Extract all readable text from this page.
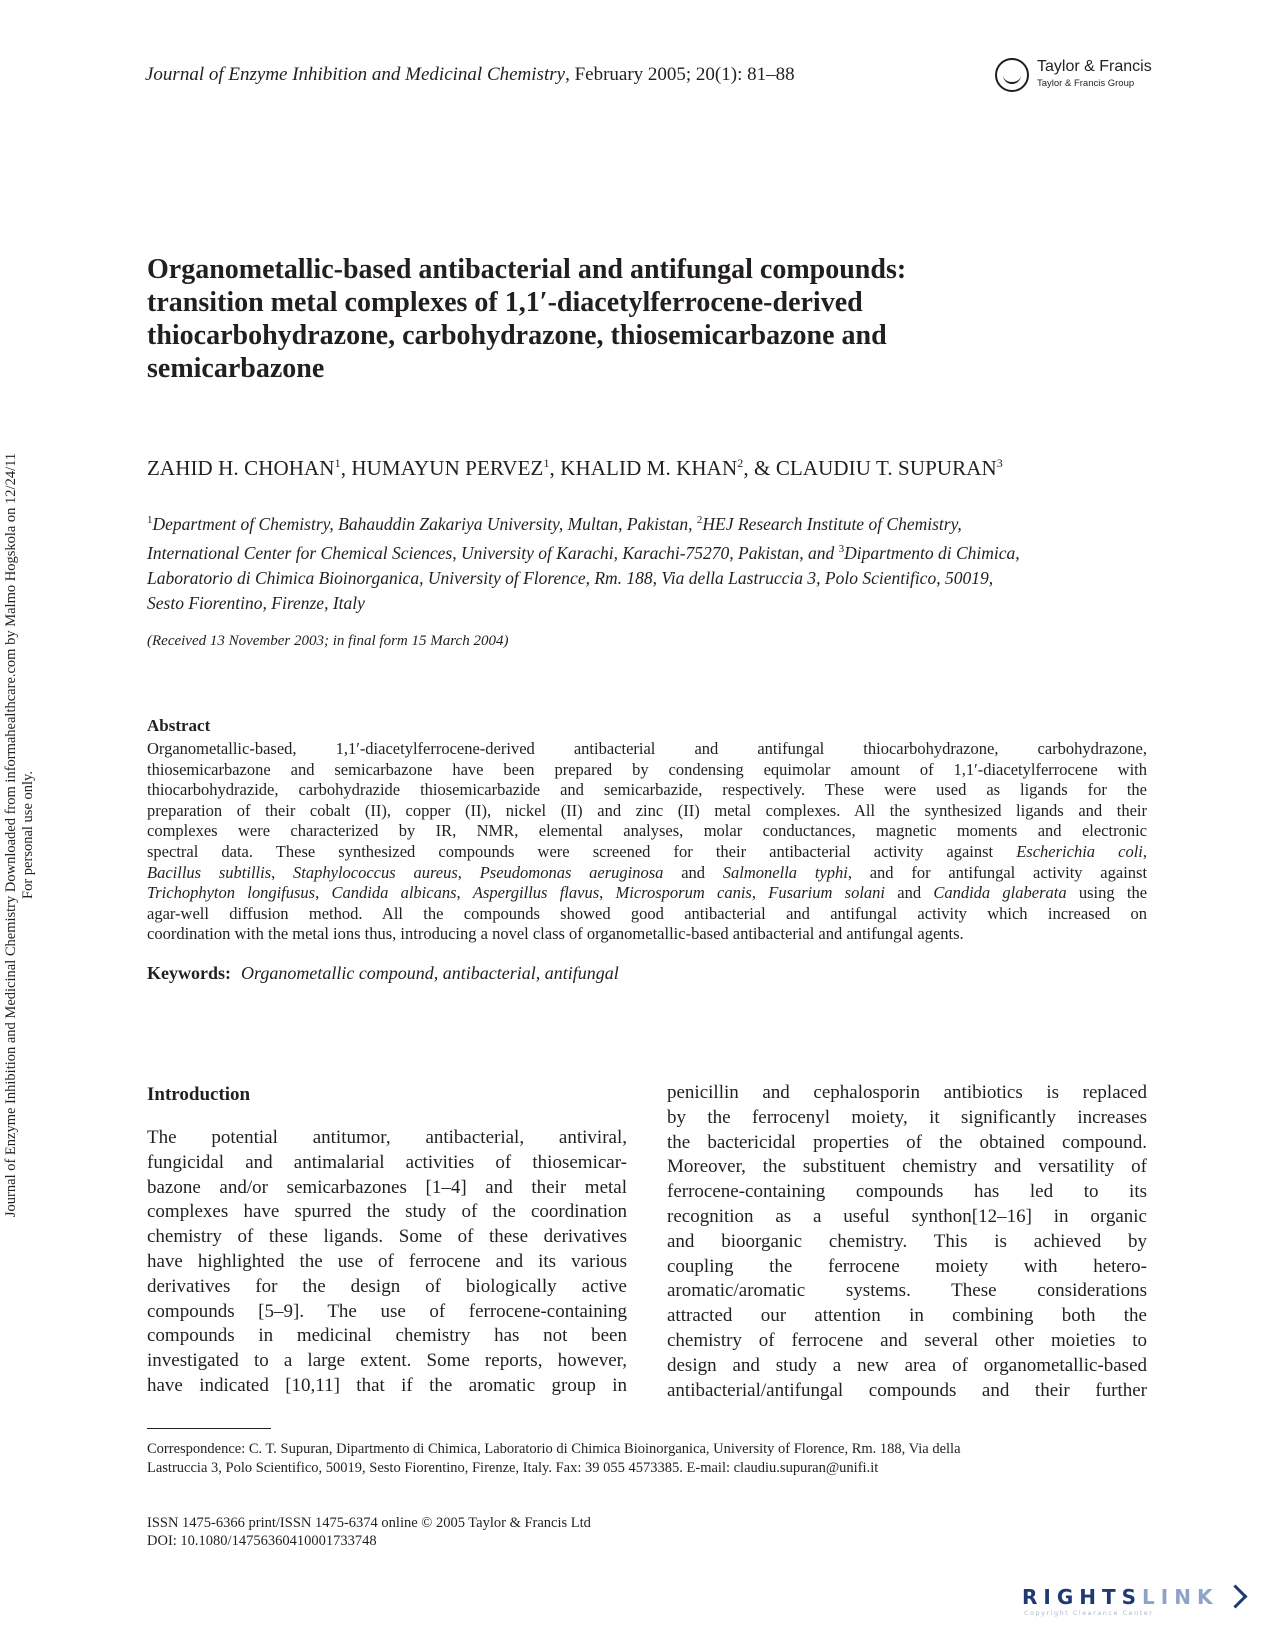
Journal of Enzyme Inhibition and Medicinal Chemistry, February 2005; 20(1): 81–88	Taylor & Francis
Taylor & Francis Group
Journal of Enzyme Inhibition and Medicinal Chemistry Downloaded from informahealthcare.com by Malmo Hogskola on 12/24/11 For personal use only.
Organometallic-based antibacterial and antifungal compounds:
transition metal complexes of 1,1′-diacetylferrocene-derived
thiocarbohydrazone, carbohydrazone, thiosemicarbazone and
semicarbazone
ZAHID H. CHOHAN$^1$, HUMAYUN PERVEZ$^1$, KHALID M. KHAN$^2$, & CLAUDIU T. SUPURAN$^3$
$^1$Department of Chemistry, Bahauddin Zakariya University, Multan, Pakistan, $^2$HEJ Research Institute of Chemistry,
International Center for Chemical Sciences, University of Karachi, Karachi-75270, Pakistan, and $^3$Dipartmento di Chimica,
Laboratorio di Chimica Bioinorganica, University of Florence, Rm. 188, Via della Lastruccia 3, Polo Scientifico, 50019,
Sesto Fiorentino, Firenze, Italy
(Received 13 November 2003; in final form 15 March 2004)
Abstract
Organometallic-based, 1,1′-diacetylferrocene-derived antibacterial and antifungal thiocarbohydrazone, carbohydrazone,
thiosemicarbazone and semicarbazone have been prepared by condensing equimolar amount of 1,1′-diacetylferrocene with
thiocarbohydrazide, carbohydrazide thiosemicarbazide and semicarbazide, respectively. These were used as ligands for the
preparation of their cobalt (II), copper (II), nickel (II) and zinc (II) metal complexes. All the synthesized ligands and their
complexes were characterized by IR, NMR, elemental analyses, molar conductances, magnetic moments and electronic
spectral data. These synthesized compounds were screened for their antibacterial activity against Escherichia coli,
Bacillus subtillis, Staphylococcus aureus, Pseudomonas aeruginosa and Salmonella typhi, and for antifungal activity against
Trichophyton longifusus, Candida albicans, Aspergillus flavus, Microsporum canis, Fusarium solani and Candida glaberata using the
agar-well diffusion method. All the compounds showed good antibacterial and antifungal activity which increased on
coordination with the metal ions thus, introducing a novel class of organometallic-based antibacterial and antifungal agents.
Keywords: Organometallic compound, antibacterial, antifungal
Introduction
The potential antitumor, antibacterial, antiviral,
fungicidal and antimalarial activities of thiosemicar-
bazone and/or semicarbazones [1–4] and their metal
complexes have spurred the study of the coordination
chemistry of these ligands. Some of these derivatives
have highlighted the use of ferrocene and its various
derivatives for the design of biologically active
compounds [5–9]. The use of ferrocene-containing
compounds in medicinal chemistry has not been
investigated to a large extent. Some reports, however,
have indicated [10,11] that if the aromatic group in
penicillin and cephalosporin antibiotics is replaced
by the ferrocenyl moiety, it significantly increases
the bactericidal properties of the obtained compound.
Moreover, the substituent chemistry and versatility of
ferrocene-containing compounds has led to its
recognition as a useful synthon[12–16] in organic
and bioorganic chemistry. This is achieved by
coupling the ferrocene moiety with hetero-
aromatic/aromatic systems. These considerations
attracted our attention in combining both the
chemistry of ferrocene and several other moieties to
design and study a new area of organometallic-based
antibacterial/antifungal compounds and their further
Correspondence: C. T. Supuran, Dipartmento di Chimica, Laboratorio di Chimica Bioinorganica, University of Florence, Rm. 188, Via della
Lastruccia 3, Polo Scientifico, 50019, Sesto Fiorentino, Firenze, Italy. Fax: 39 055 4573385. E-mail: claudiu.supuran@unifi.it
ISSN 1475-6366 print/ISSN 1475-6374 online © 2005 Taylor & Francis Ltd
DOI: 10.1080/14756360410001733748
RIGHTSLINK
Copyright Clearance Center
